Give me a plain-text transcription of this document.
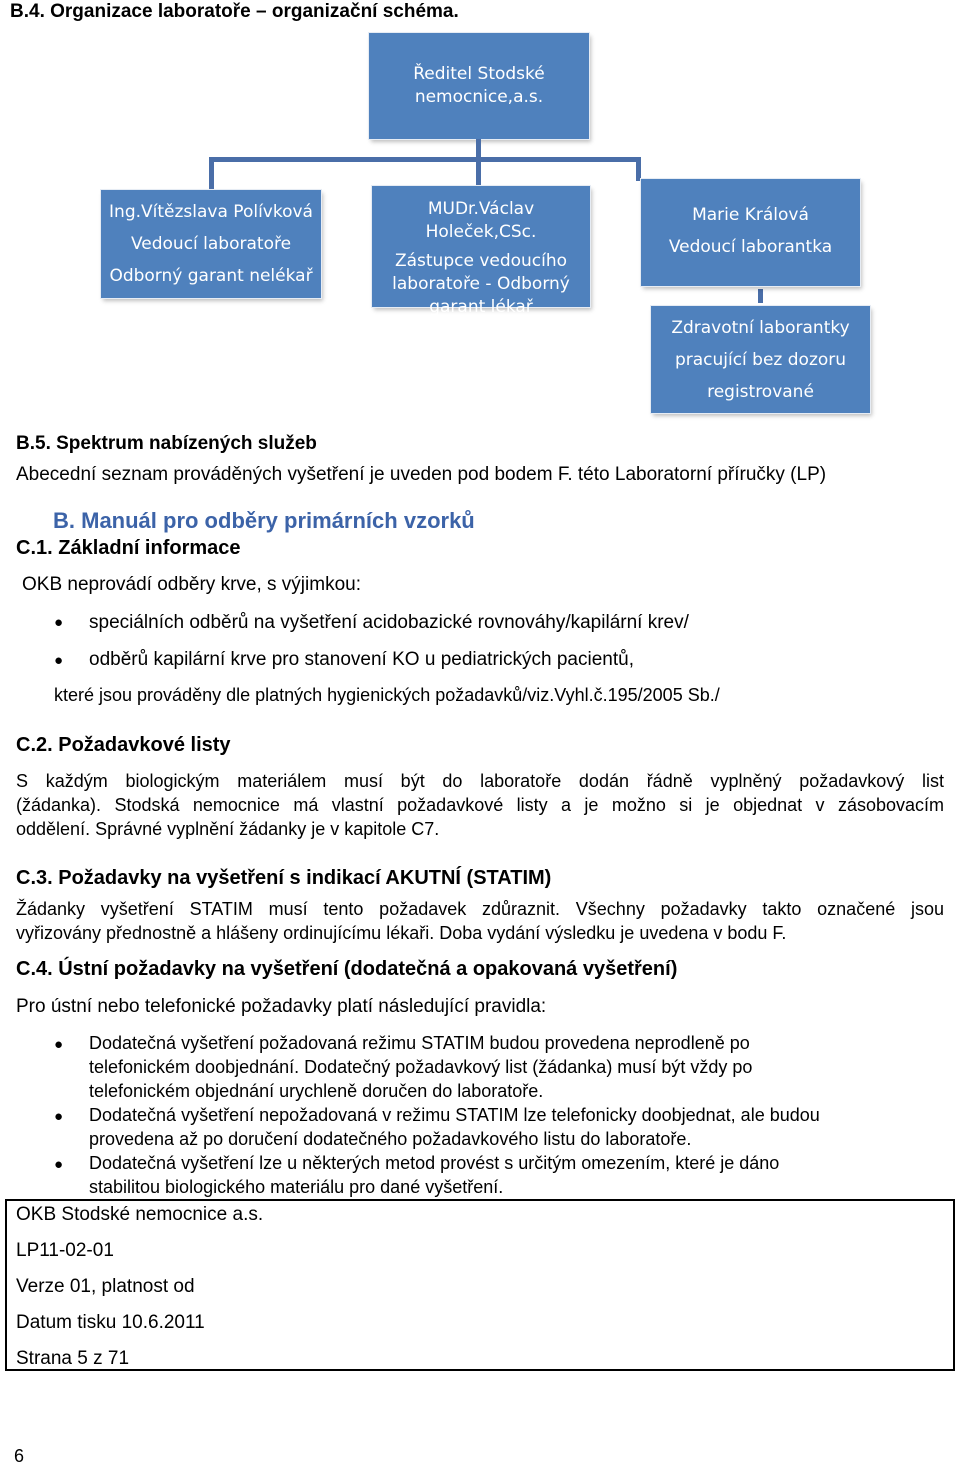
B.4. Organizace laboratoře – organizační schéma.
Ředitel Stodské
nemocnice,a.s.
Ing.Vítězslava Polívková
Vedoucí laboratoře
Odborný garant nelékař
MUDr.Václav Holeček,CSc.
Zástupce vedoucího
laboratoře - Odborný
garant lékař
Marie Králová
Vedoucí laborantka
Zdravotní laborantky
pracující bez dozoru
registrované
B.5. Spektrum nabízených služeb
Abecední seznam prováděných vyšetření je uveden pod bodem F. této Laboratorní příručky (LP)
B. Manuál pro odběry primárních vzorků
C.1. Základní informace
OKB neprovádí odběry krve, s výjimkou:
● speciálních odběrů na vyšetření acidobazické rovnováhy/kapilární krev/
● odběrů kapilární krve pro stanovení KO u pediatrických pacientů,
které jsou prováděny dle platných hygienických požadavků/viz.Vyhl.č.195/2005 Sb./
C.2. Požadavkové listy
S každým biologickým materiálem musí být do laboratoře dodán řádně vyplněný požadavkový list
(žádanka). Stodská nemocnice má vlastní požadavkové listy a je možno si je objednat v zásobovacím
oddělení. Správné vyplnění žádanky je v kapitole C7.
C.3. Požadavky na vyšetření s indikací AKUTNÍ (STATIM)
Žádanky vyšetření STATIM musí tento požadavek zdůraznit. Všechny požadavky takto označené jsou
vyřizovány přednostně a hlášeny ordinujícímu lékaři. Doba vydání výsledku je uvedena v bodu F.
C.4. Ústní požadavky na vyšetření (dodatečná a opakovaná vyšetření)
Pro ústní nebo telefonické požadavky platí následující pravidla:
● Dodatečná vyšetření požadovaná režimu STATIM budou provedena neprodleně po
telefonickém doobjednání. Dodatečný požadavkový list (žádanka) musí být vždy po
telefonickém objednání urychleně doručen do laboratoře.
● Dodatečná vyšetření nepožadovaná v režimu STATIM lze telefonicky doobjednat, ale budou
provedena až po doručení dodatečného požadavkového listu do laboratoře.
● Dodatečná vyšetření lze u některých metod provést s určitým omezením, které je dáno
stabilitou biologického materiálu pro dané vyšetření.
OKB Stodské nemocnice a.s.
LP11-02-01
Verze 01, platnost od
Datum tisku 10.6.2011
Strana 5 z 71
6
